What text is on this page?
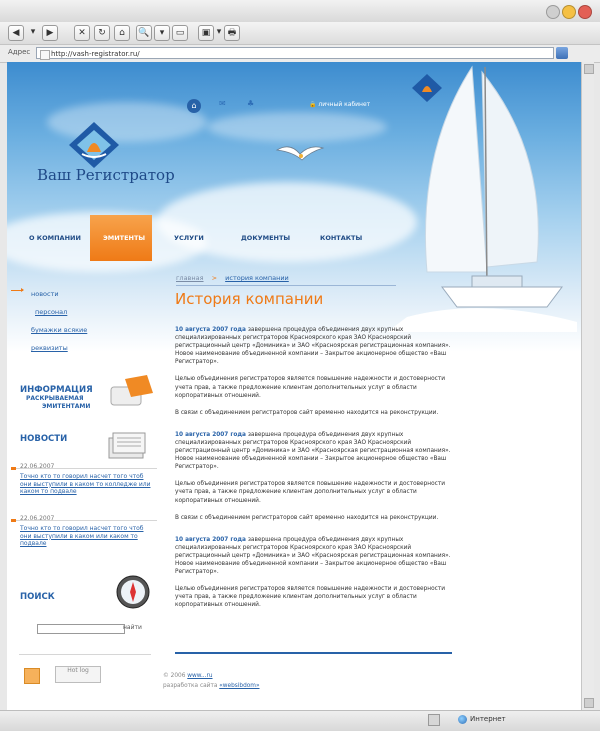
◀	▾	▶	✕	↻	⌂	🔍	▾	▭	▣ ▾ 🖶
Адрес	http://vash-registrator.ru/
Ваш Регистратор
⌂	✉	♣	🔒 личный кабинет
О КОМПАНИИ	ЭМИТЕНТЫ	УСЛУГИ	ДОКУМЕНТЫ	КОНТАКТЫ
главная > история компании
История компании

10 августа 2007 года завершена процедура объединения двух крупных специализированных регистраторов Красноярского края ЗАО Красноярский регистрационный центр «Доминика» и ЗАО «Красноярская регистрационная компания». Новое наименование объединенной компании – Закрытое акционерное общество «Ваш Регистратор».

Целью объединения регистраторов является повышение надежности и достоверности учета прав, а также предложение клиентам дополнительных услуг в области корпоративных отношений.

В связи с объединением регистраторов сайт временно находится на реконструкции.

10 августа 2007 года завершена процедура объединения двух крупных специализированных регистраторов Красноярского края ЗАО Красноярский регистрационный центр «Доминика» и ЗАО «Красноярская регистрационная компания». Новое наименование объединенной компании – Закрытое акционерное общество «Ваш Регистратор».

Целью объединения регистраторов является повышение надежности и достоверности учета прав, а также предложение клиентам дополнительных услуг в области корпоративных отношений.

В связи с объединением регистраторов сайт временно находится на реконструкции.

10 августа 2007 года завершена процедура объединения двух крупных специализированных регистраторов Красноярского края ЗАО Красноярский регистрационный центр «Доминика» и ЗАО «Красноярская регистрационная компания». Новое наименование объединенной компании – Закрытое акционерное общество «Ваш Регистратор».

Целью объединения регистраторов является повышение надежности и достоверности учета прав, а также предложение клиентам дополнительных услуг в области корпоративных отношений.

© 2006 www...ru
разработка сайта «websibdom»
новости
персонал
бумажки всякие
реквизиты
ИНФОРМАЦИЯ
РАСКРЫВАЕМАЯ
ЭМИТЕНТАМИ
НОВОСТИ
22.06.2007
Точно кто то говорил насчет того чтоб они выступили в каком то колледже или каком то подвале
22.06.2007
Точно кто то говорил насчет того чтоб они выступили в каком или каком то подвале
ПОИСК
найти
Hot log
Интернет
